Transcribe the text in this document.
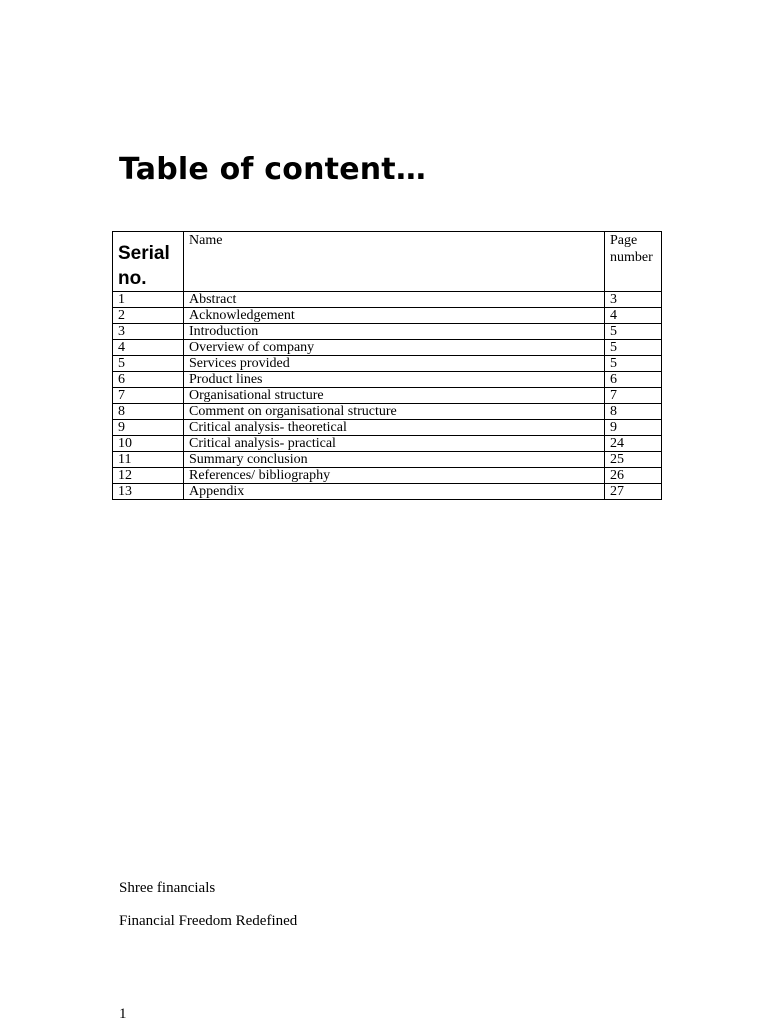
Table of content…
Serial no.	Name	Page number

1	Abstract	3
2	Acknowledgement	4
3	Introduction	5
4	Overview of company	5
5	Services provided	5
6	Product lines	6
7	Organisational structure	7
8	Comment on organisational structure	8
9	Critical analysis- theoretical	9
10	Critical analysis- practical	24
11	Summary conclusion	25
12	References/ bibliography	26
13	Appendix	27
Shree financials
Financial Freedom Redefined
1
